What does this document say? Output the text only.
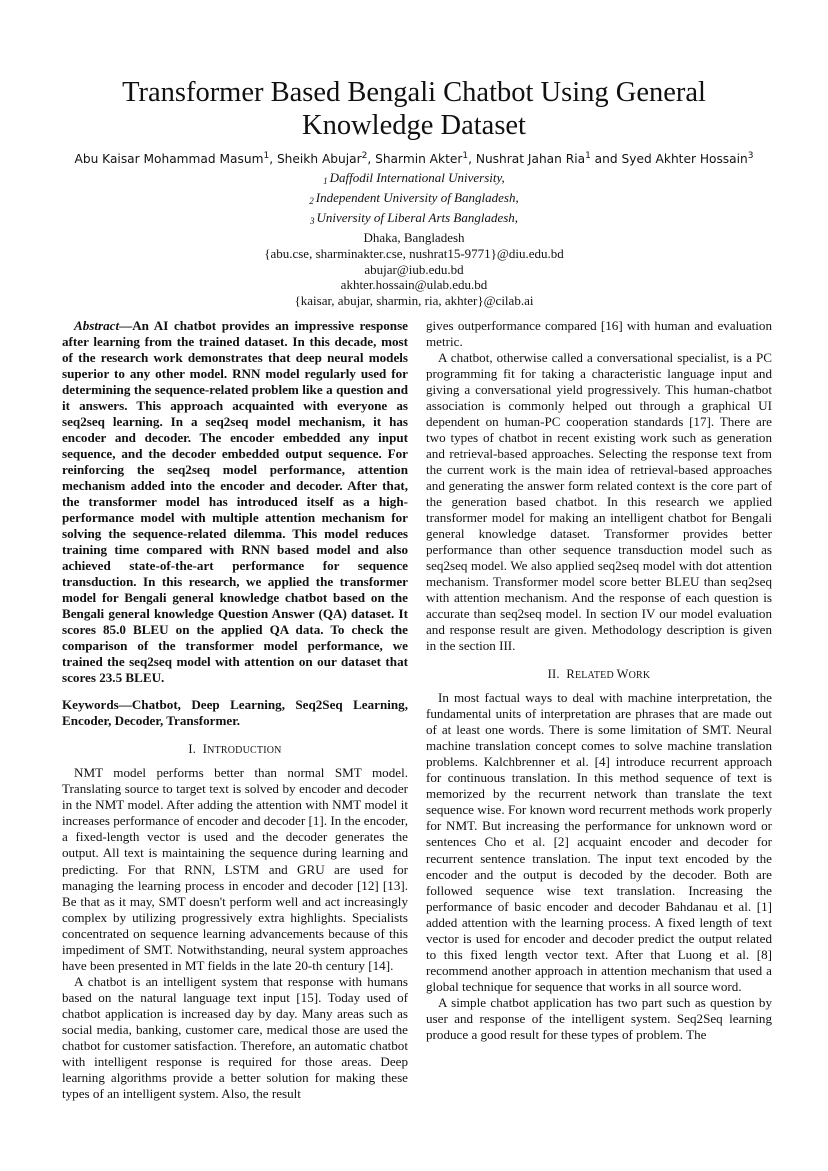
Transformer Based Bengali Chatbot Using General Knowledge Dataset
Abu Kaisar Mohammad Masum$^1$, Sheikh Abujar$^2$, Sharmin Akter$^1$, Nushrat Jahan Ria$^1$ and Syed Akhter Hossain$^3$
1 Daffodil International University,
2 Independent University of Bangladesh,
3 University of Liberal Arts Bangladesh,
Dhaka, Bangladesh
{abu.cse, sharminakter.cse, nushrat15-9771}@diu.edu.bd
abujar@iub.edu.bd
akhter.hossain@ulab.edu.bd
{kaisar, abujar, sharmin, ria, akhter}@cilab.ai

Abstract—An AI chatbot provides an impressive response after learning from the trained dataset. In this decade, most of the research work demonstrates that deep neural models superior to any other model. RNN model regularly used for determining the sequence-related problem like a question and it answers. This approach acquainted with everyone as seq2seq learning. In a seq2seq model mechanism, it has encoder and decoder. The encoder embedded any input sequence, and the decoder embedded output sequence. For reinforcing the seq2seq model performance, attention mechanism added into the encoder and decoder. After that, the transformer model has introduced itself as a high-performance model with multiple attention mechanism for solving the sequence-related dilemma. This model reduces training time compared with RNN based model and also achieved state-of-the-art performance for sequence transduction. In this research, we applied the transformer model for Bengali general knowledge chatbot based on the Bengali general knowledge Question Answer (QA) dataset. It scores 85.0 BLEU on the applied QA data. To check the comparison of the transformer model performance, we trained the seq2seq model with attention on our dataset that scores 23.5 BLEU.

Keywords—Chatbot, Deep Learning, Seq2Seq Learning, Encoder, Decoder, Transformer.

I. INTRODUCTION

NMT model performs better than normal SMT model. Translating source to target text is solved by encoder and decoder in the NMT model. After adding the attention with NMT model it increases performance of encoder and decoder [1]. In the encoder, a fixed-length vector is used and the decoder generates the output. All text is maintaining the sequence during learning and predicting. For that RNN, LSTM and GRU are used for managing the learning process in encoder and decoder [12] [13]. Be that as it may, SMT doesn't perform well and act increasingly complex by utilizing progressively extra highlights. Specialists concentrated on sequence learning advancements because of this impediment of SMT. Notwithstanding, neural system approaches have been presented in MT fields in the late 20-th century [14].

A chatbot is an intelligent system that response with humans based on the natural language text input [15]. Today used of chatbot application is increased day by day. Many areas such as social media, banking, customer care, medical those are used the chatbot for customer satisfaction. Therefore, an automatic chatbot with intelligent response is required for those areas. Deep learning algorithms provide a better solution for making these types of an intelligent system. Also, the result

gives outperformance compared [16] with human and evaluation metric.

A chatbot, otherwise called a conversational specialist, is a PC programming fit for taking a characteristic language input and giving a conversational yield progressively. This human-chatbot association is commonly helped out through a graphical UI dependent on human-PC cooperation standards [17]. There are two types of chatbot in recent existing work such as generation and retrieval-based approaches. Selecting the response text from the current work is the main idea of retrieval-based approaches and generating the answer form related context is the core part of the generation based chatbot. In this research we applied transformer model for making an intelligent chatbot for Bengali general knowledge dataset. Transformer provides better performance than other sequence transduction model such as seq2seq model. We also applied seq2seq model with dot attention mechanism. Transformer model score better BLEU than seq2seq with attention mechanism. And the response of each question is accurate than seq2seq model. In section IV our model evaluation and response result are given. Methodology description is given in the section III.

II. RELATED WORK

In most factual ways to deal with machine interpretation, the fundamental units of interpretation are phrases that are made out of at least one words. There is some limitation of SMT. Neural machine translation concept comes to solve machine translation problems. Kalchbrenner et al. [4] introduce recurrent approach for continuous translation. In this method sequence of text is memorized by the recurrent network than translate the text sequence wise. For known word recurrent methods work properly for NMT. But increasing the performance for unknown word or sentences Cho et al. [2] acquaint encoder and decoder for recurrent sentence translation. The input text encoded by the encoder and the output is decoded by the decoder. Both are followed sequence wise text translation. Increasing the performance of basic encoder and decoder Bahdanau et al. [1] added attention with the learning process. A fixed length of text vector is used for encoder and decoder predict the output related to this fixed length vector text. After that Luong et al. [8] recommend another approach in attention mechanism that used a global technique for sequence that works in all source word.

A simple chatbot application has two part such as question by user and response of the intelligent system. Seq2Seq learning produce a good result for these types of problem. The
